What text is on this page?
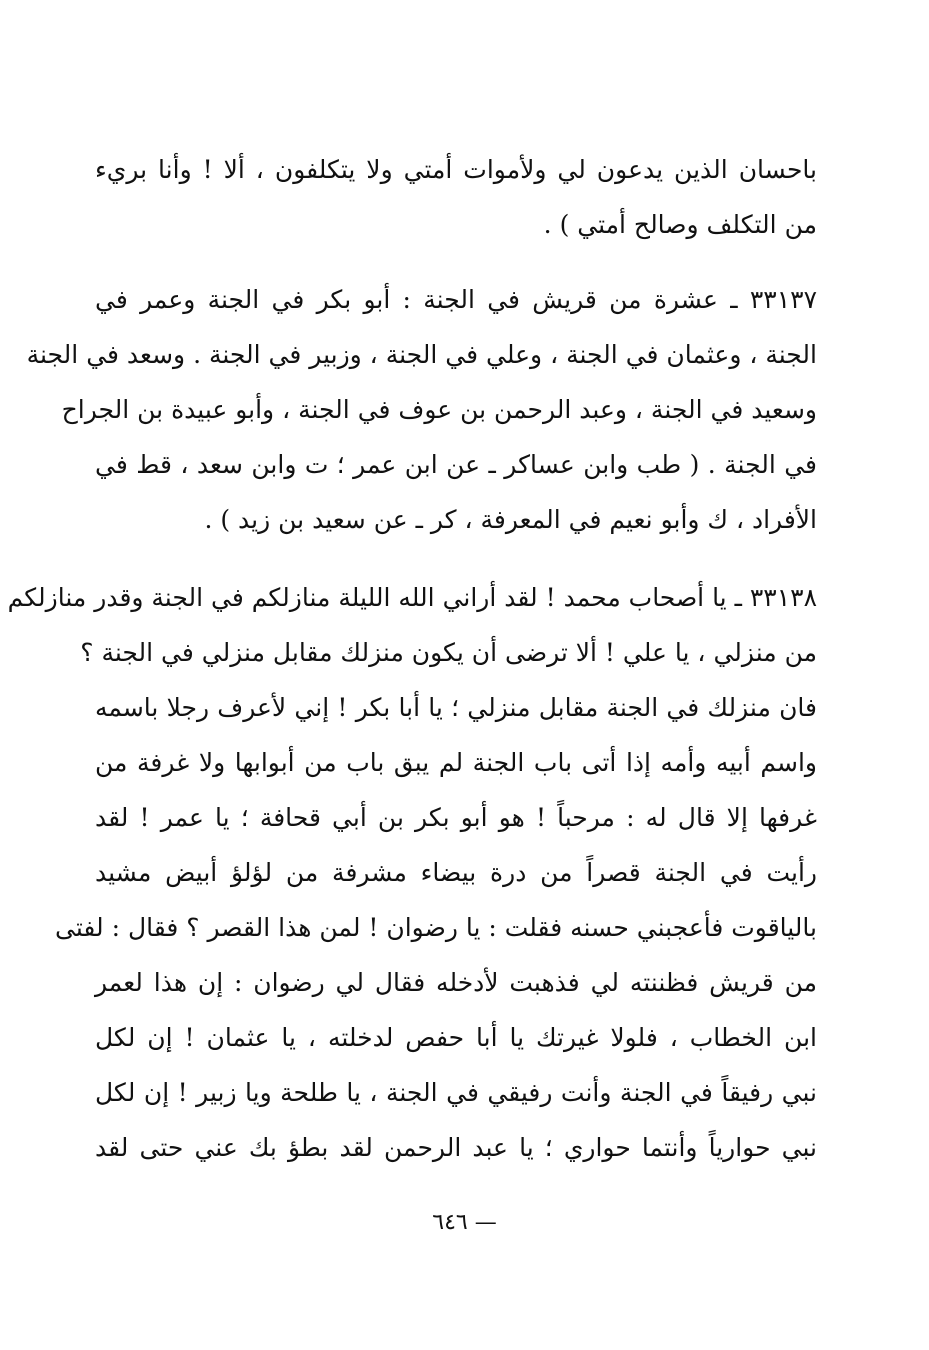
باحسان الذين يدعون لي ولأموات أمتي ولا يتكلفون ، ألا ! وأنا بريء
من التكلف وصالح أمتي ) .
٣٣١٣٧ ـ عشرة من قريش في الجنة : أبو بكر في الجنة وعمر في
الجنة ، وعثمان في الجنة ، وعلي في الجنة ، وزبير في الجنة . وسعد في الجنة
وسعيد في الجنة ، وعبد الرحمن بن عوف في الجنة ، وأبو عبيدة بن الجراح
في الجنة . ( طب وابن عساكر ـ عن ابن عمر ؛ ت وابن سعد ، قط في
الأفراد ، ك وأبو نعيم في المعرفة ، كر ـ عن سعيد بن زيد ) .
٣٣١٣٨ ـ يا أصحاب محمد ! لقد أراني الله الليلة منازلكم في الجنة وقدر منازلكم
من منزلي ، يا علي ! ألا ترضى أن يكون منزلك مقابل منزلي في الجنة ؟
فان منزلك في الجنة مقابل منزلي ؛ يا أبا بكر ! إني لأعرف رجلا باسمه
واسم أبيه وأمه إذا أتى باب الجنة لم يبق باب من أبوابها ولا غرفة من
غرفها إلا قال له : مرحباً ! هو أبو بكر بن أبي قحافة ؛ يا عمر ! لقد
رأيت في الجنة قصراً من درة بيضاء مشرفة من لؤلؤ أبيض مشيد
بالياقوت فأعجبني حسنه فقلت : يا رضوان ! لمن هذا القصر ؟ فقال : لفتى
من قريش فظننته لي فذهبت لأدخله فقال لي رضوان : إن هذا لعمر
ابن الخطاب ، فلولا غيرتك يا أبا حفص لدخلته ، يا عثمان ! إن لكل
نبي رفيقاً في الجنة وأنت رفيقي في الجنة ، يا طلحة ويا زبير ! إن لكل
نبي حوارياً وأنتما حواري ؛ يا عبد الرحمن لقد بطؤ بك عني حتى لقد
— ٦٤٦
